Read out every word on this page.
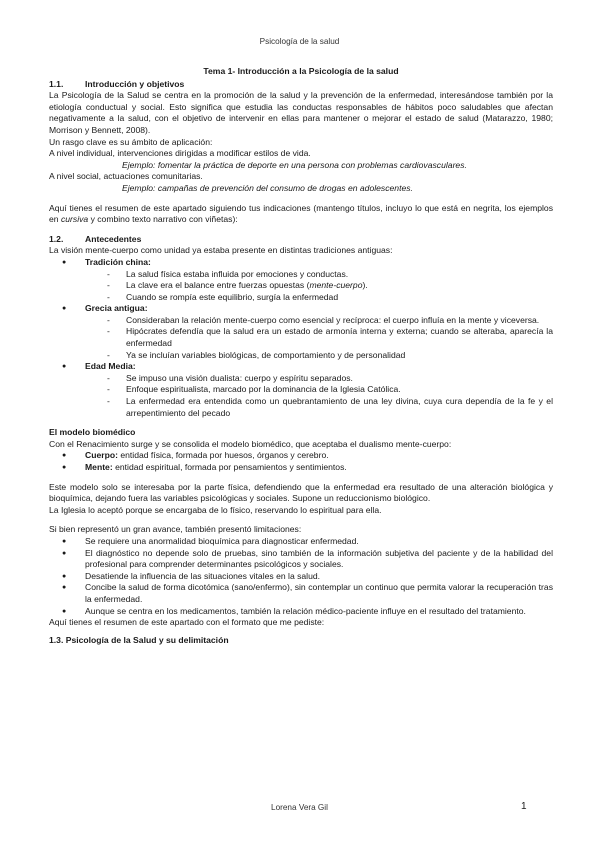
Psicología de la salud

Tema 1- Introducción a la Psicología de la salud

1.1.	Introducción y objetivos

La Psicología de la Salud se centra en la promoción de la salud y la prevención de la enfermedad, interesándose también por la etiología conductual y social. Esto significa que estudia las conductas responsables de hábitos poco saludables que afectan negativamente a la salud, con el objetivo de intervenir en ellas para mantener o mejorar el estado de salud (Matarazzo, 1980; Morrison y Bennett, 2008).

Un rasgo clave es su ámbito de aplicación:

A nivel individual, intervenciones dirigidas a modificar estilos de vida.

Ejemplo: fomentar la práctica de deporte en una persona con problemas cardiovasculares.

A nivel social, actuaciones comunitarias.

Ejemplo: campañas de prevención del consumo de drogas en adolescentes.

Aquí tienes el resumen de este apartado siguiendo tus indicaciones (mantengo títulos, incluyo lo que está en negrita, los ejemplos en cursiva y combino texto narrativo con viñetas):

1.2.	Antecedentes

La visión mente-cuerpo como unidad ya estaba presente en distintas tradiciones antiguas:

● Tradición china:
- La salud física estaba influida por emociones y conductas.
- La clave era el balance entre fuerzas opuestas (mente-cuerpo).
- Cuando se rompía este equilibrio, surgía la enfermedad
● Grecia antigua:
- Consideraban la relación mente-cuerpo como esencial y recíproca: el cuerpo influía en la mente y viceversa.
- Hipócrates defendía que la salud era un estado de armonía interna y externa; cuando se alteraba, aparecía la enfermedad
- Ya se incluían variables biológicas, de comportamiento y de personalidad
● Edad Media:
- Se impuso una visión dualista: cuerpo y espíritu separados.
- Enfoque espiritualista, marcado por la dominancia de la Iglesia Católica.
- La enfermedad era entendida como un quebrantamiento de una ley divina, cuya cura dependía de la fe y el arrepentimiento del pecado

El modelo biomédico

Con el Renacimiento surge y se consolida el modelo biomédico, que aceptaba el dualismo mente-cuerpo:

● Cuerpo: entidad física, formada por huesos, órganos y cerebro.
● Mente: entidad espiritual, formada por pensamientos y sentimientos.

Este modelo solo se interesaba por la parte física, defendiendo que la enfermedad era resultado de una alteración biológica y bioquímica, dejando fuera las variables psicológicas y sociales. Supone un reduccionismo biológico.

La Iglesia lo aceptó porque se encargaba de lo físico, reservando lo espiritual para ella.

Si bien representó un gran avance, también presentó limitaciones:

● Se requiere una anormalidad bioquímica para diagnosticar enfermedad.
● El diagnóstico no depende solo de pruebas, sino también de la información subjetiva del paciente y de la habilidad del profesional para comprender determinantes psicológicos y sociales.
● Desatiende la influencia de las situaciones vitales en la salud.
● Concibe la salud de forma dicotómica (sano/enfermo), sin contemplar un continuo que permita valorar la recuperación tras la enfermedad.
● Aunque se centra en los medicamentos, también la relación médico-paciente influye en el resultado del tratamiento.

Aquí tienes el resumen de este apartado con el formato que me pediste:

1.3. Psicología de la Salud y su delimitación

Lorena Vera Gil	1
